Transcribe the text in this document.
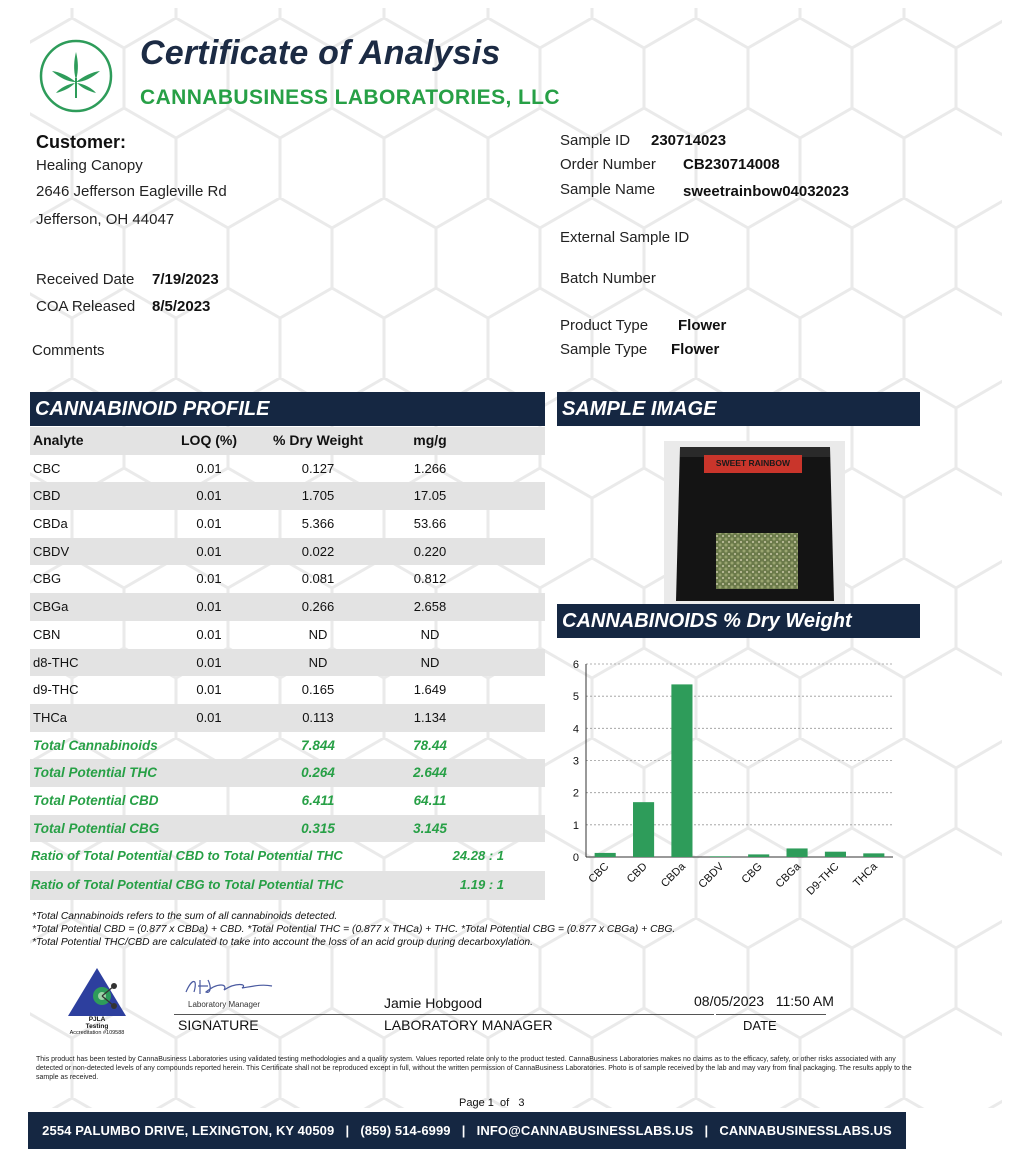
Certificate of Analysis
CANNABUSINESS LABORATORIES, LLC
Customer:
Healing Canopy
2646 Jefferson Eagleville Rd
Jefferson, OH 44047
Received Date 7/19/2023
COA Released 8/5/2023
Comments
Sample ID 230714023
Order Number CB230714008
Sample Name sweetrainbow04032023
External Sample ID
Batch Number
Product Type Flower
Sample Type Flower
CANNABINOID PROFILE
Analyte	LOQ (%)	% Dry Weight	mg/g
CBC	0.01	0.127	1.266
CBD	0.01	1.705	17.05
CBDa	0.01	5.366	53.66
CBDV	0.01	0.022	0.220
CBG	0.01	0.081	0.812
CBGa	0.01	0.266	2.658
CBN	0.01	ND	ND
d8-THC	0.01	ND	ND
d9-THC	0.01	0.165	1.649
THCa	0.01	0.113	1.134
Total Cannabinoids	7.844	78.44
Total Potential THC	0.264	2.644
Total Potential CBD	6.411	64.11
Total Potential CBG	0.315	3.145
Ratio of Total Potential CBD to Total Potential THC	24.28 : 1
Ratio of Total Potential CBG to Total Potential THC	1.19 : 1
SAMPLE IMAGE
SWEET RAINBOW
CANNABINOIDS % Dry Weight
0
1
2
3
4
5
6
CBC CBD CBDa CBDV CBG CBGa D9-THC THCa
*Total Cannabinoids refers to the sum of all cannabinoids detected.
*Total Potential CBD = (0.877 x CBDa) + CBD. *Total Potential THC = (0.877 x THCa) + THC. *Total Potential CBG = (0.877 x CBGa) + CBG.
*Total Potential THC/CBD are calculated to take into account the loss of an acid group during decarboxylation.
PJLA
Testing
Accreditation #109588
Laboratory Manager
SIGNATURE
Jamie Hobgood
LABORATORY MANAGER
08/05/2023   11:50 AM
DATE
This product has been tested by CannaBusiness Laboratories using validated testing methodologies and a quality system. Values reported relate only to the product tested. CannaBusiness Laboratories makes no claims as to the efficacy, safety, or other risks associated with any detected or non-detected levels of any compounds reported herein. This Certificate shall not be reproduced except in full, without the written permission of CannaBusiness Laboratories. Photo is of sample received by the lab and may vary from final packaging. The results apply to the sample as received.
Page 1  of   3
2554 PALUMBO DRIVE, LEXINGTON, KY 40509   |   (859) 514-6999   |   INFO@CANNABUSINESSLABS.US   |   CANNABUSINESSLABS.US
